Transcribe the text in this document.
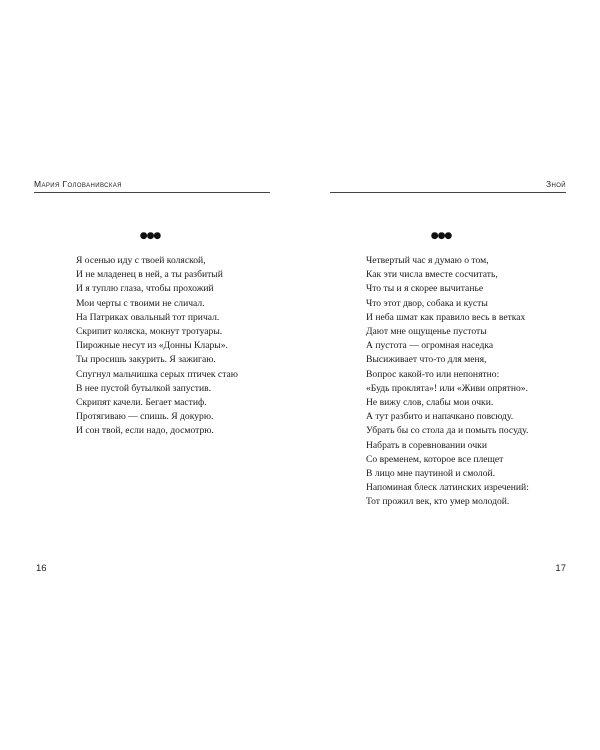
Мария Голованивская
●●●
Я осенью иду с твоей коляской,
И не младенец в ней, а ты разбитый
И я туплю глаза, чтобы прохожий
Мои черты с твоими не сличал.
На Патриках овальный тот причал.
Скрипит коляска, мокнут тротуары.
Пирожные несут из «Донны Клары».
Ты просишь закурить. Я зажигаю.
Спугнул мальчишка серых птичек стаю
В нее пустой бутылкой запустив.
Скрипят качели. Бегает мастиф.
Протягиваю — спишь. Я докурю.
И сон твой, если надо, досмотрю.
16
Зной
●●●
Четвертый час я думаю о том,
Как эти числа вместе сосчитать,
Что ты и я скорее вычитанье
Что этот двор, собака и кусты
И неба шмат как правило весь в ветках
Дают мне ощущенье пустоты
А пустота — огромная наседка
Высиживает что-то для меня,
Вопрос какой-то или непонятно:
«Будь проклята»! или «Живи опрятно».
Не вижу слов, слабы мои очки.
А тут разбито и напачкано повсюду.
Убрать бы со стола да и помыть посуду.
Набрать в соревновании очки
Со временем, которое все плещет
В лицо мне паутиной и смолой.
Напоминая блеск латинских изречений:
Тот прожил век, кто умер молодой.
17
